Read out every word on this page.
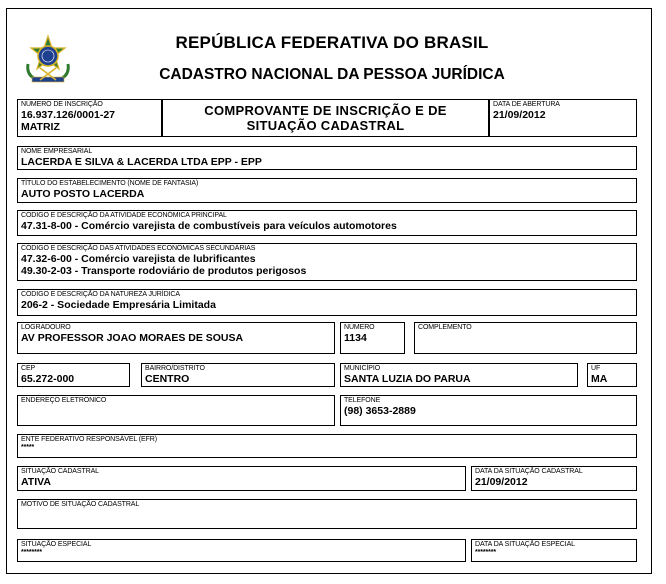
REPÚBLICA FEDERATIVA DO BRASIL
CADASTRO NACIONAL DA PESSOA JURÍDICA
NÚMERO DE INSCRIÇÃO
16.937.126/0001-27
MATRIZ
COMPROVANTE DE INSCRIÇÃO E DE
SITUAÇÃO CADASTRAL
DATA DE ABERTURA
21/09/2012
NOME EMPRESARIAL
LACERDA E SILVA & LACERDA LTDA EPP - EPP
TÍTULO DO ESTABELECIMENTO (NOME DE FANTASIA)
AUTO POSTO LACERDA
CÓDIGO E DESCRIÇÃO DA ATIVIDADE ECONÔMICA PRINCIPAL
47.31-8-00 - Comércio varejista de combustíveis para veículos automotores
CÓDIGO E DESCRIÇÃO DAS ATIVIDADES ECONÔMICAS SECUNDÁRIAS
47.32-6-00 - Comércio varejista de lubrificantes
49.30-2-03 - Transporte rodoviário de produtos perigosos
CÓDIGO E DESCRIÇÃO DA NATUREZA JURÍDICA
206-2 - Sociedade Empresária Limitada
LOGRADOURO
AV PROFESSOR JOAO MORAES DE SOUSA
NÚMERO
1134
COMPLEMENTO
CEP
65.272-000
BAIRRO/DISTRITO
CENTRO
MUNICÍPIO
SANTA LUZIA DO PARUA
UF
MA
ENDEREÇO ELETRÔNICO	TELEFONE
(98) 3653-2889
ENTE FEDERATIVO RESPONSÁVEL (EFR)
*****
SITUAÇÃO CADASTRAL
ATIVA
DATA DA SITUAÇÃO CADASTRAL
21/09/2012
MOTIVO DE SITUAÇÃO CADASTRAL
SITUAÇÃO ESPECIAL
********
DATA DA SITUAÇÃO ESPECIAL
********
